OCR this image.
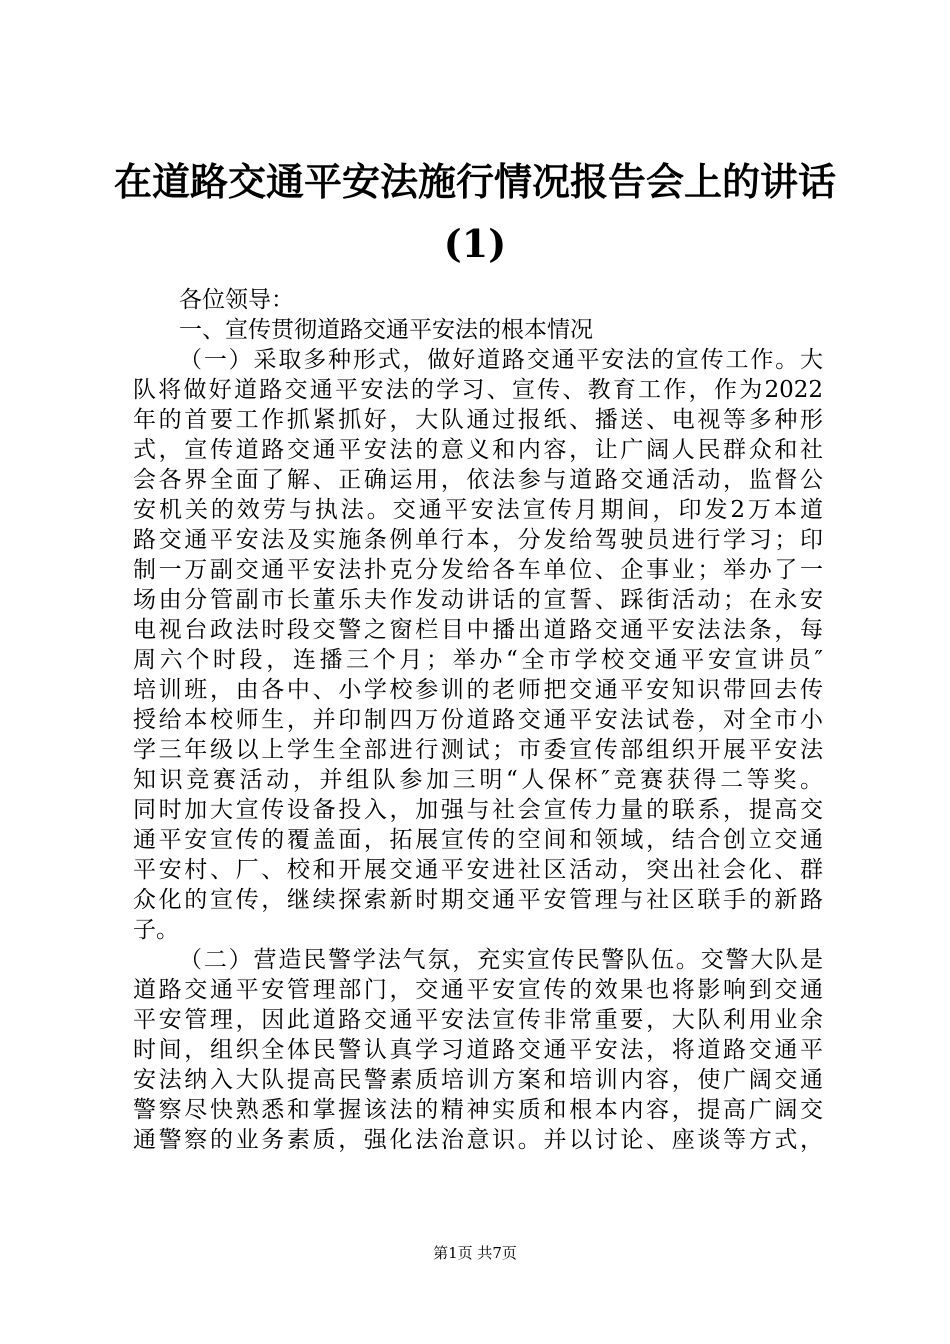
在道路交通平安法施行情况报告会上的讲话
(1)
各位领导：
一、宣传贯彻道路交通平安法的根本情况
（一）采取多种形式，做好道路交通平安法的宣传工作。大
队将做好道路交通平安法的学习、宣传、教育工作，作为2022
年的首要工作抓紧抓好，大队通过报纸、播送、电视等多种形
式，宣传道路交通平安法的意义和内容，让广阔人民群众和社
会各界全面了解、正确运用，依法参与道路交通活动，监督公
安机关的效劳与执法。交通平安法宣传月期间，印发2万本道
路交通平安法及实施条例单行本，分发给驾驶员进行学习；印
制一万副交通平安法扑克分发给各车单位、企事业；举办了一
场由分管副市长董乐夫作发动讲话的宣誓、踩街活动；在永安
电视台政法时段交警之窗栏目中播出道路交通平安法法条，每
周六个时段，连播三个月；举办“全市学校交通平安宣讲员″
培训班，由各中、小学校参训的老师把交通平安知识带回去传
授给本校师生，并印制四万份道路交通平安法试卷，对全市小
学三年级以上学生全部进行测试；市委宣传部组织开展平安法
知识竞赛活动，并组队参加三明“人保杯″竞赛获得二等奖。
同时加大宣传设备投入，加强与社会宣传力量的联系，提高交
通平安宣传的覆盖面，拓展宣传的空间和领域，结合创立交通
平安村、厂、校和开展交通平安进社区活动，突出社会化、群
众化的宣传，继续探索新时期交通平安管理与社区联手的新路
子。
（二）营造民警学法气氛，充实宣传民警队伍。交警大队是
道路交通平安管理部门，交通平安宣传的效果也将影响到交通
平安管理，因此道路交通平安法宣传非常重要，大队利用业余
时间，组织全体民警认真学习道路交通平安法，将道路交通平
安法纳入大队提高民警素质培训方案和培训内容，使广阔交通
警察尽快熟悉和掌握该法的精神实质和根本内容，提高广阔交
通警察的业务素质，强化法治意识。并以讨论、座谈等方式，
第1页 共7页
